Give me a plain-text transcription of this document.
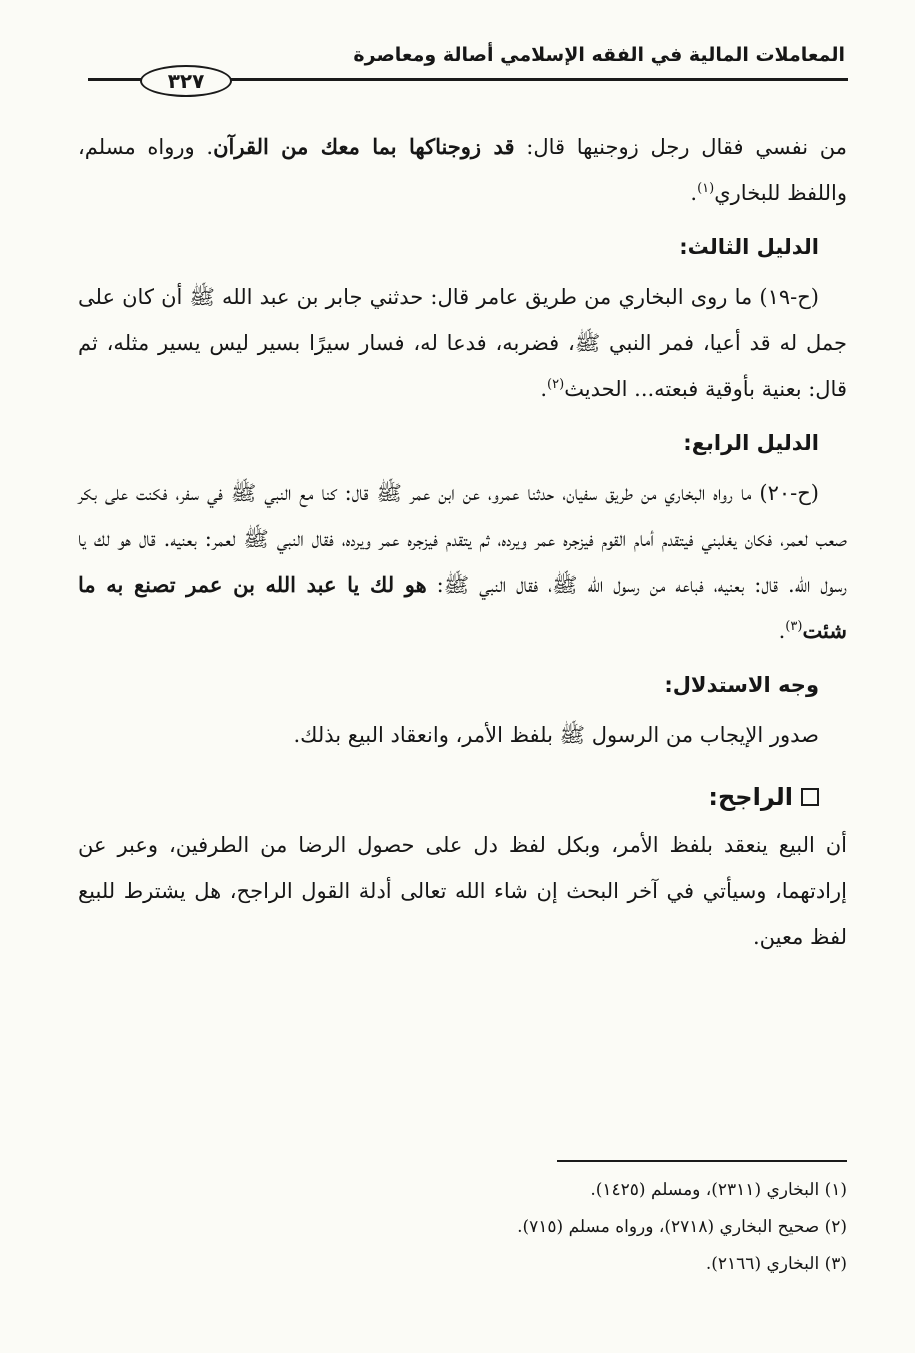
المعاملات المالية في الفقه الإسلامي أصالة ومعاصرة
٣٢٧

من نفسي فقال رجل زوجنيها قال: قد زوجناكها بما معك من القرآن. ورواه مسلم، واللفظ للبخاري$^{(١)}$.

الدليل الثالث:

(ح-١٩) ما روى البخاري من طريق عامر قال: حدثني جابر بن عبد الله ﷺ أن كان على جمل له قد أعيا، فمر النبي ﷺ، فضربه، فدعا له، فسار سيرًا بسير ليس يسير مثله، ثم قال: بعنية بأوقية فبعته... الحديث$^{(٢)}$.

الدليل الرابع:

(ح-٢٠) ما رواه البخاري من طريق سفيان، حدثنا عمرو، عن ابن عمر ﷺ قال: كنا مع النبي ﷺ في سفر، فكنت على بكر صعب لعمر، فكان يغلبني فيتقدم أمام القوم فيزجره عمر ويرده، ثم يتقدم فيزجره عمر ويرده، فقال النبي ﷺ لعمر: بعنيه. قال هو لك يا رسول الله. قال: بعنيه، فباعه من رسول الله ﷺ، فقال النبي ﷺ: هو لك يا عبد الله بن عمر تصنع به ما شئت$^{(٣)}$.

وجه الاستدلال:

صدور الإيجاب من الرسول ﷺ بلفظ الأمر، وانعقاد البيع بذلك.

الراجح:

أن البيع ينعقد بلفظ الأمر، وبكل لفظ دل على حصول الرضا من الطرفين، وعبر عن إرادتهما، وسيأتي في آخر البحث إن شاء الله تعالى أدلة القول الراجح، هل يشترط للبيع لفظ معين.

(١) البخاري (٢٣١١)، ومسلم (١٤٢٥).
(٢) صحيح البخاري (٢٧١٨)، ورواه مسلم (٧١٥).
(٣) البخاري (٢١٦٦).
